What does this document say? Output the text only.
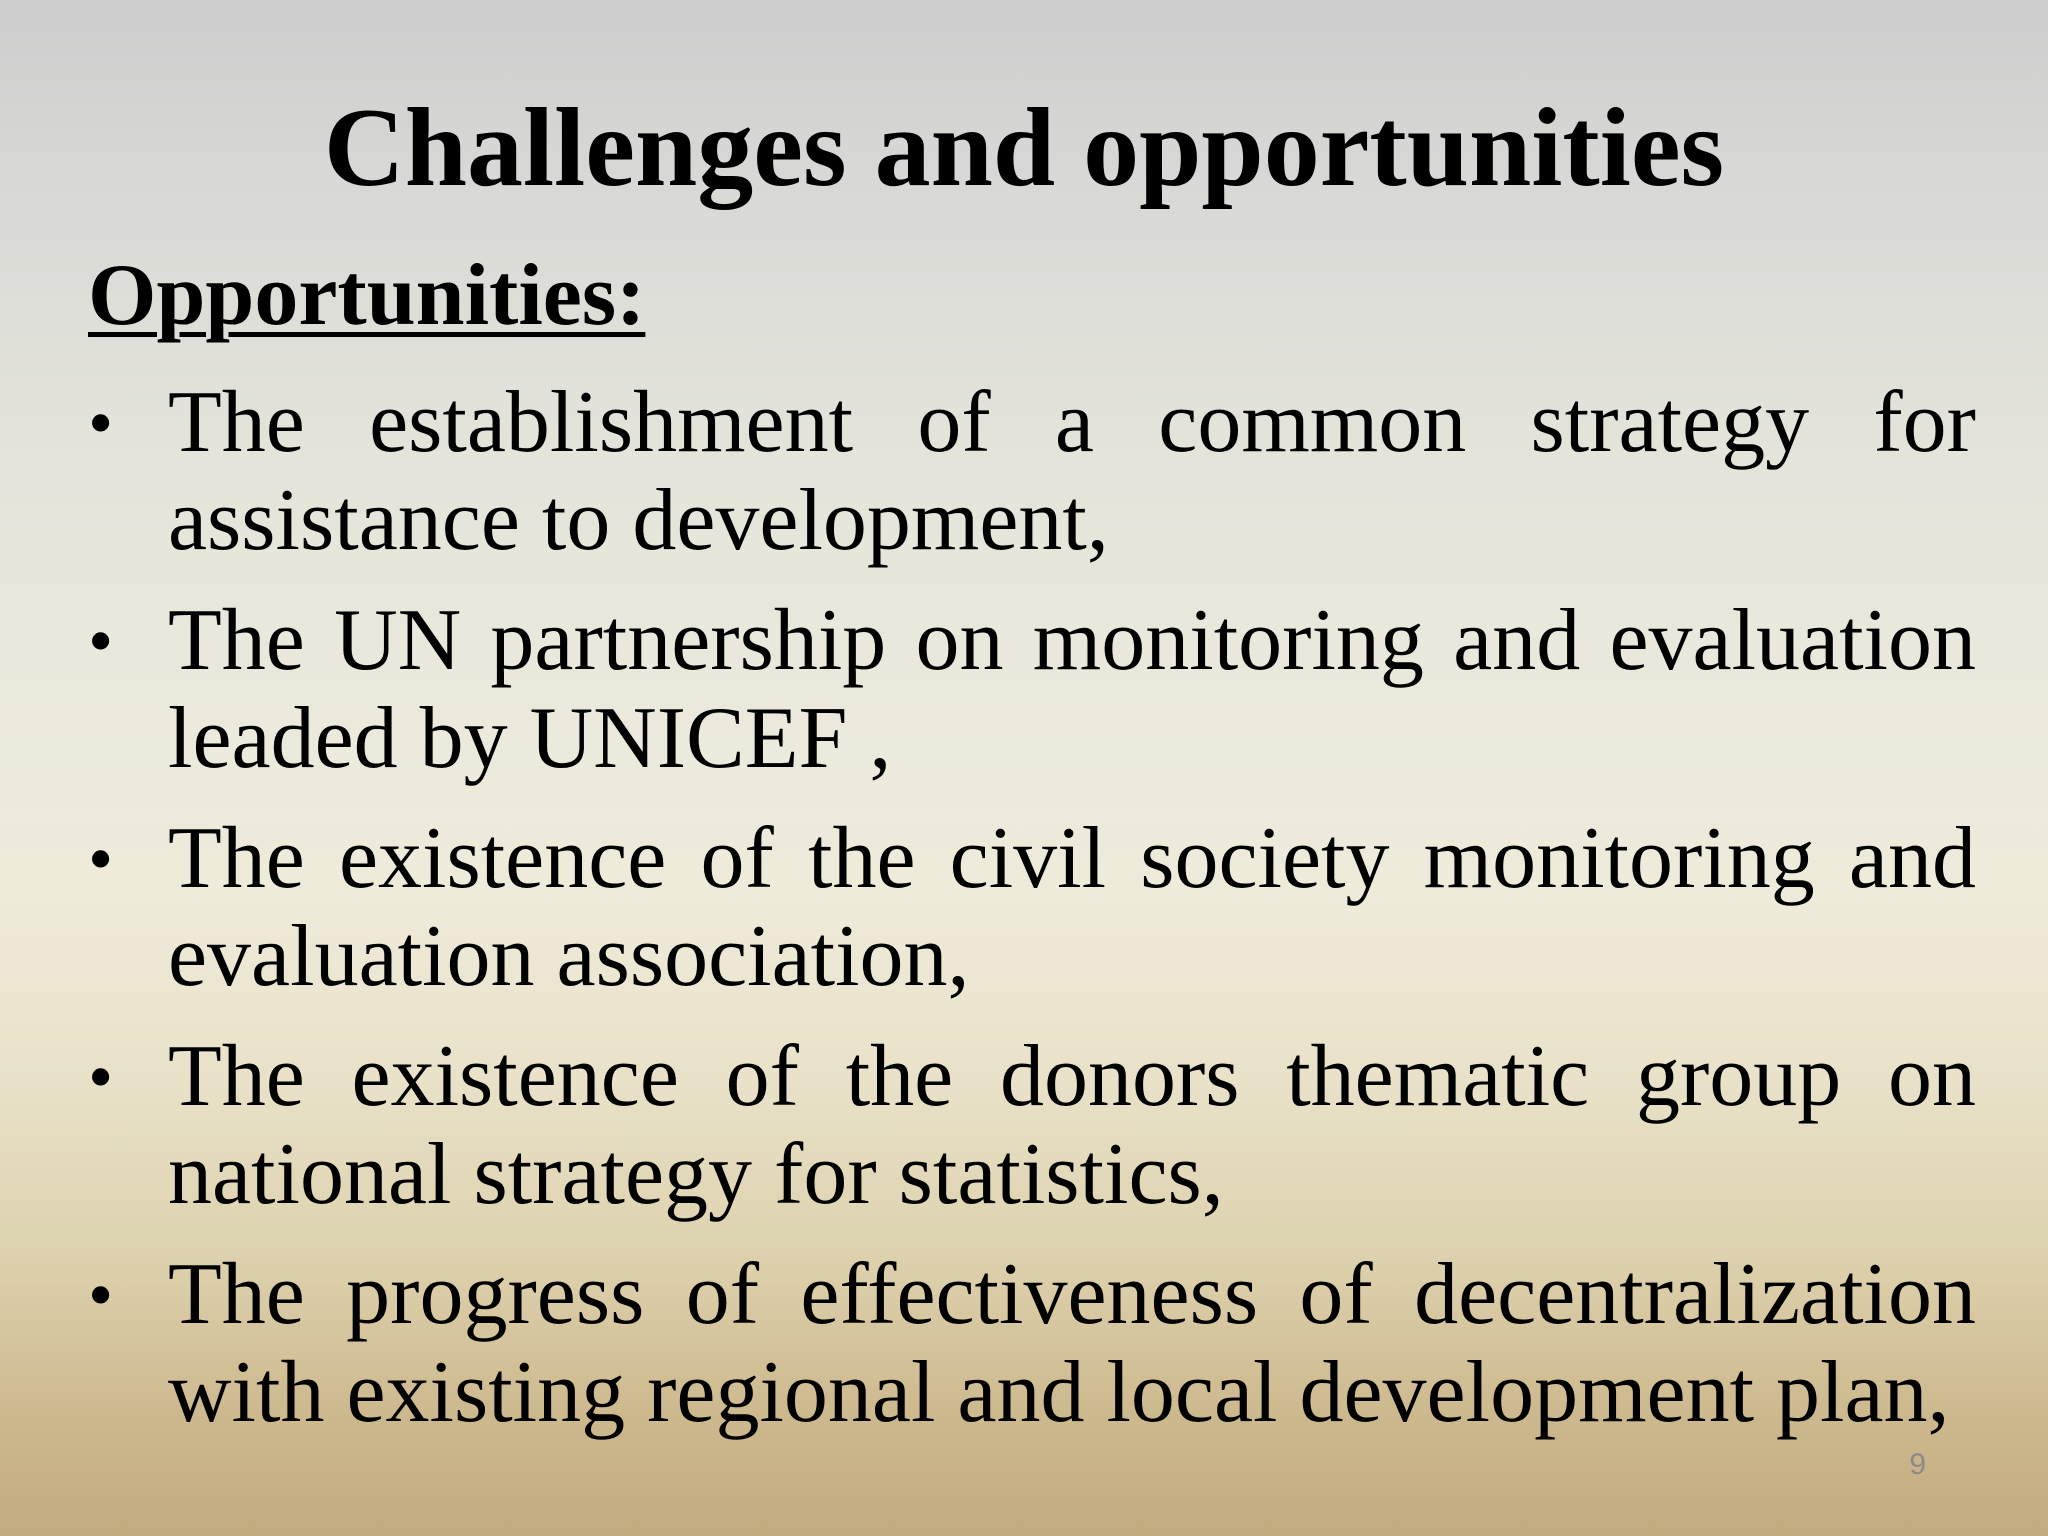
Challenges and opportunities
Opportunities:
• The establishment of a common strategy for assistance to development,
• The UN partnership on monitoring and evaluation leaded by UNICEF ,
• The existence of the civil society monitoring and evaluation association,
• The existence of the donors thematic group on national strategy for statistics,
• The progress of effectiveness of decentralization with existing regional and local development plan,
9
